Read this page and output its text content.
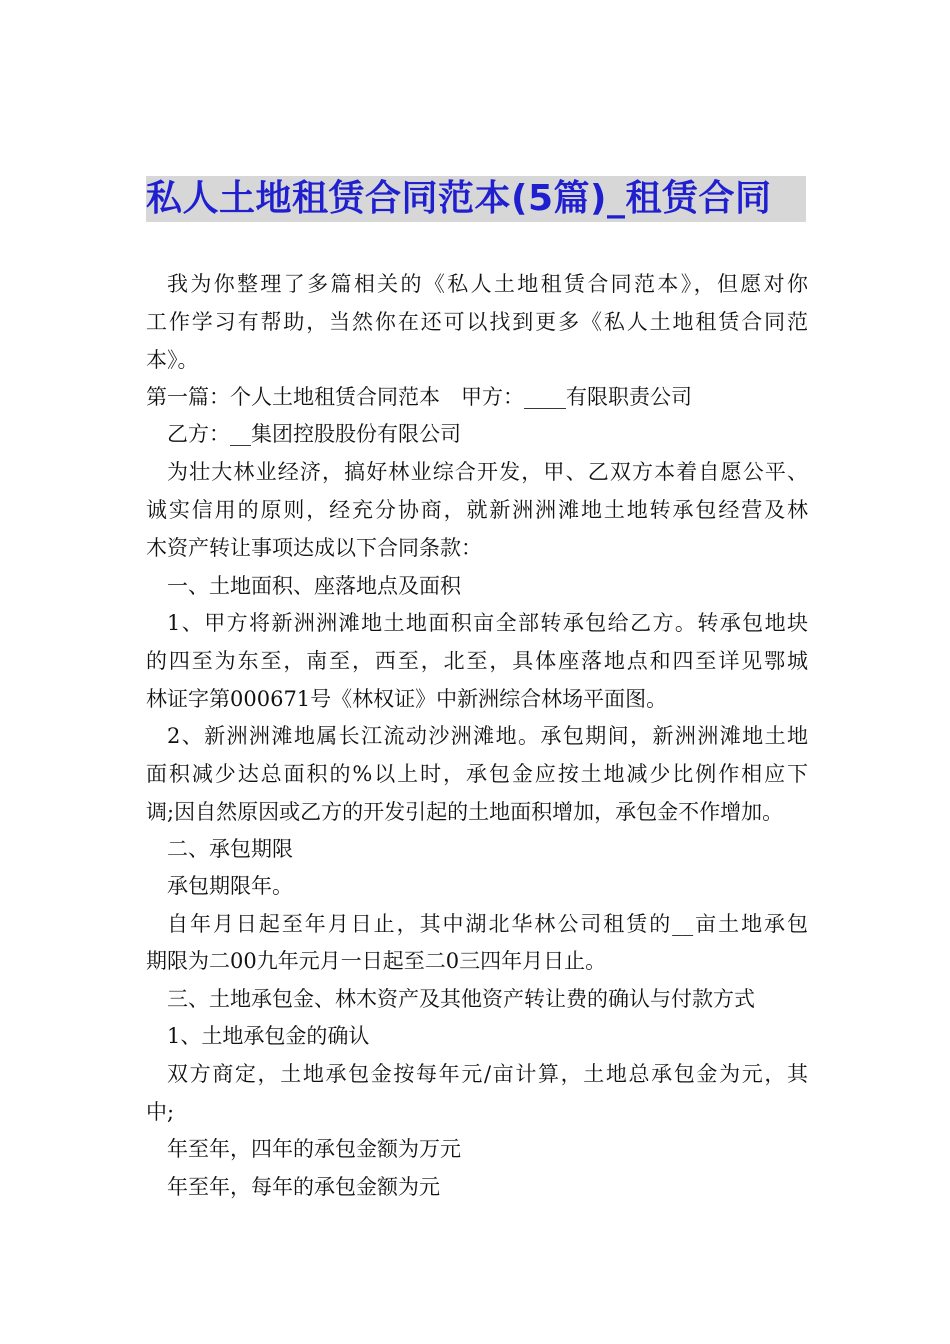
私人土地租赁合同范本(5篇)_租赁合同
我为你整理了多篇相关的《私人土地租赁合同范本》，但愿对你
工作学习有帮助，当然你在还可以找到更多《私人土地租赁合同范
本》。
第一篇：个人土地租赁合同范本　甲方：____有限职责公司
乙方：__集团控股股份有限公司
为壮大林业经济，搞好林业综合开发，甲、乙双方本着自愿公平、
诚实信用的原则，经充分协商，就新洲洲滩地土地转承包经营及林
木资产转让事项达成以下合同条款：
一、土地面积、座落地点及面积
1、甲方将新洲洲滩地土地面积亩全部转承包给乙方。转承包地块
的四至为东至，南至，西至，北至，具体座落地点和四至详见鄂城
林证字第000671号《林权证》中新洲综合林场平面图。
2、新洲洲滩地属长江流动沙洲滩地。承包期间，新洲洲滩地土地
面积减少达总面积的%以上时，承包金应按土地减少比例作相应下
调;因自然原因或乙方的开发引起的土地面积增加，承包金不作增加。
二、承包期限
承包期限年。
自年月日起至年月日止，其中湖北华林公司租赁的__亩土地承包
期限为二00九年元月一日起至二0三四年月日止。
三、土地承包金、林木资产及其他资产转让费的确认与付款方式
1、土地承包金的确认
双方商定，土地承包金按每年元/亩计算，土地总承包金为元，其
中;
年至年，四年的承包金额为万元
年至年，每年的承包金额为元
